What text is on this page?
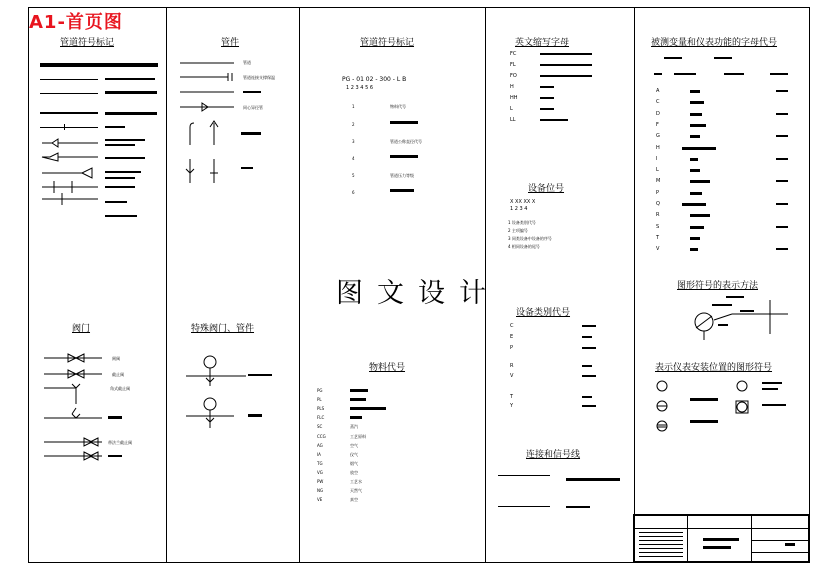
A1-首页图
管道符号标记	管件	管道符号标记	英文缩写字母	被测变量和仪表功能的字母代号
设备位号
图形符号的表示方法
阀门	特殊阀门、管件
物料代号
设备类别代号
表示仪表安装位置的图形符号
连接和信号线
图文设计
管道
管道连接支撑保温
同心异径管
PG - 01 02 - 300 - L B
1 2 3 4 5 6
1	物料代号
2
3	管道公称直径代号
4
5	管道压力等级
6
X XX XX X
1 2 3 4
1 设备类别代号
2 主项编号
3 同类设备中设备的序号
4 相同设备的尾号
闸阀
截止阀
角式截止阀
带法兰截止阀
FC
FL
FO
H
HH
L
LL
A
C
D
F
G
H
I
L
M
P
Q
R
S
T
V
C
E
P
R
V
T
Y
PG
PL
PLS
FLC
SC	蒸汽
CCG	工艺原料
AG	空气
IA	仪气
TG	烟气
VG	放空
PW	工艺水
NG	天然气
VE	真空
